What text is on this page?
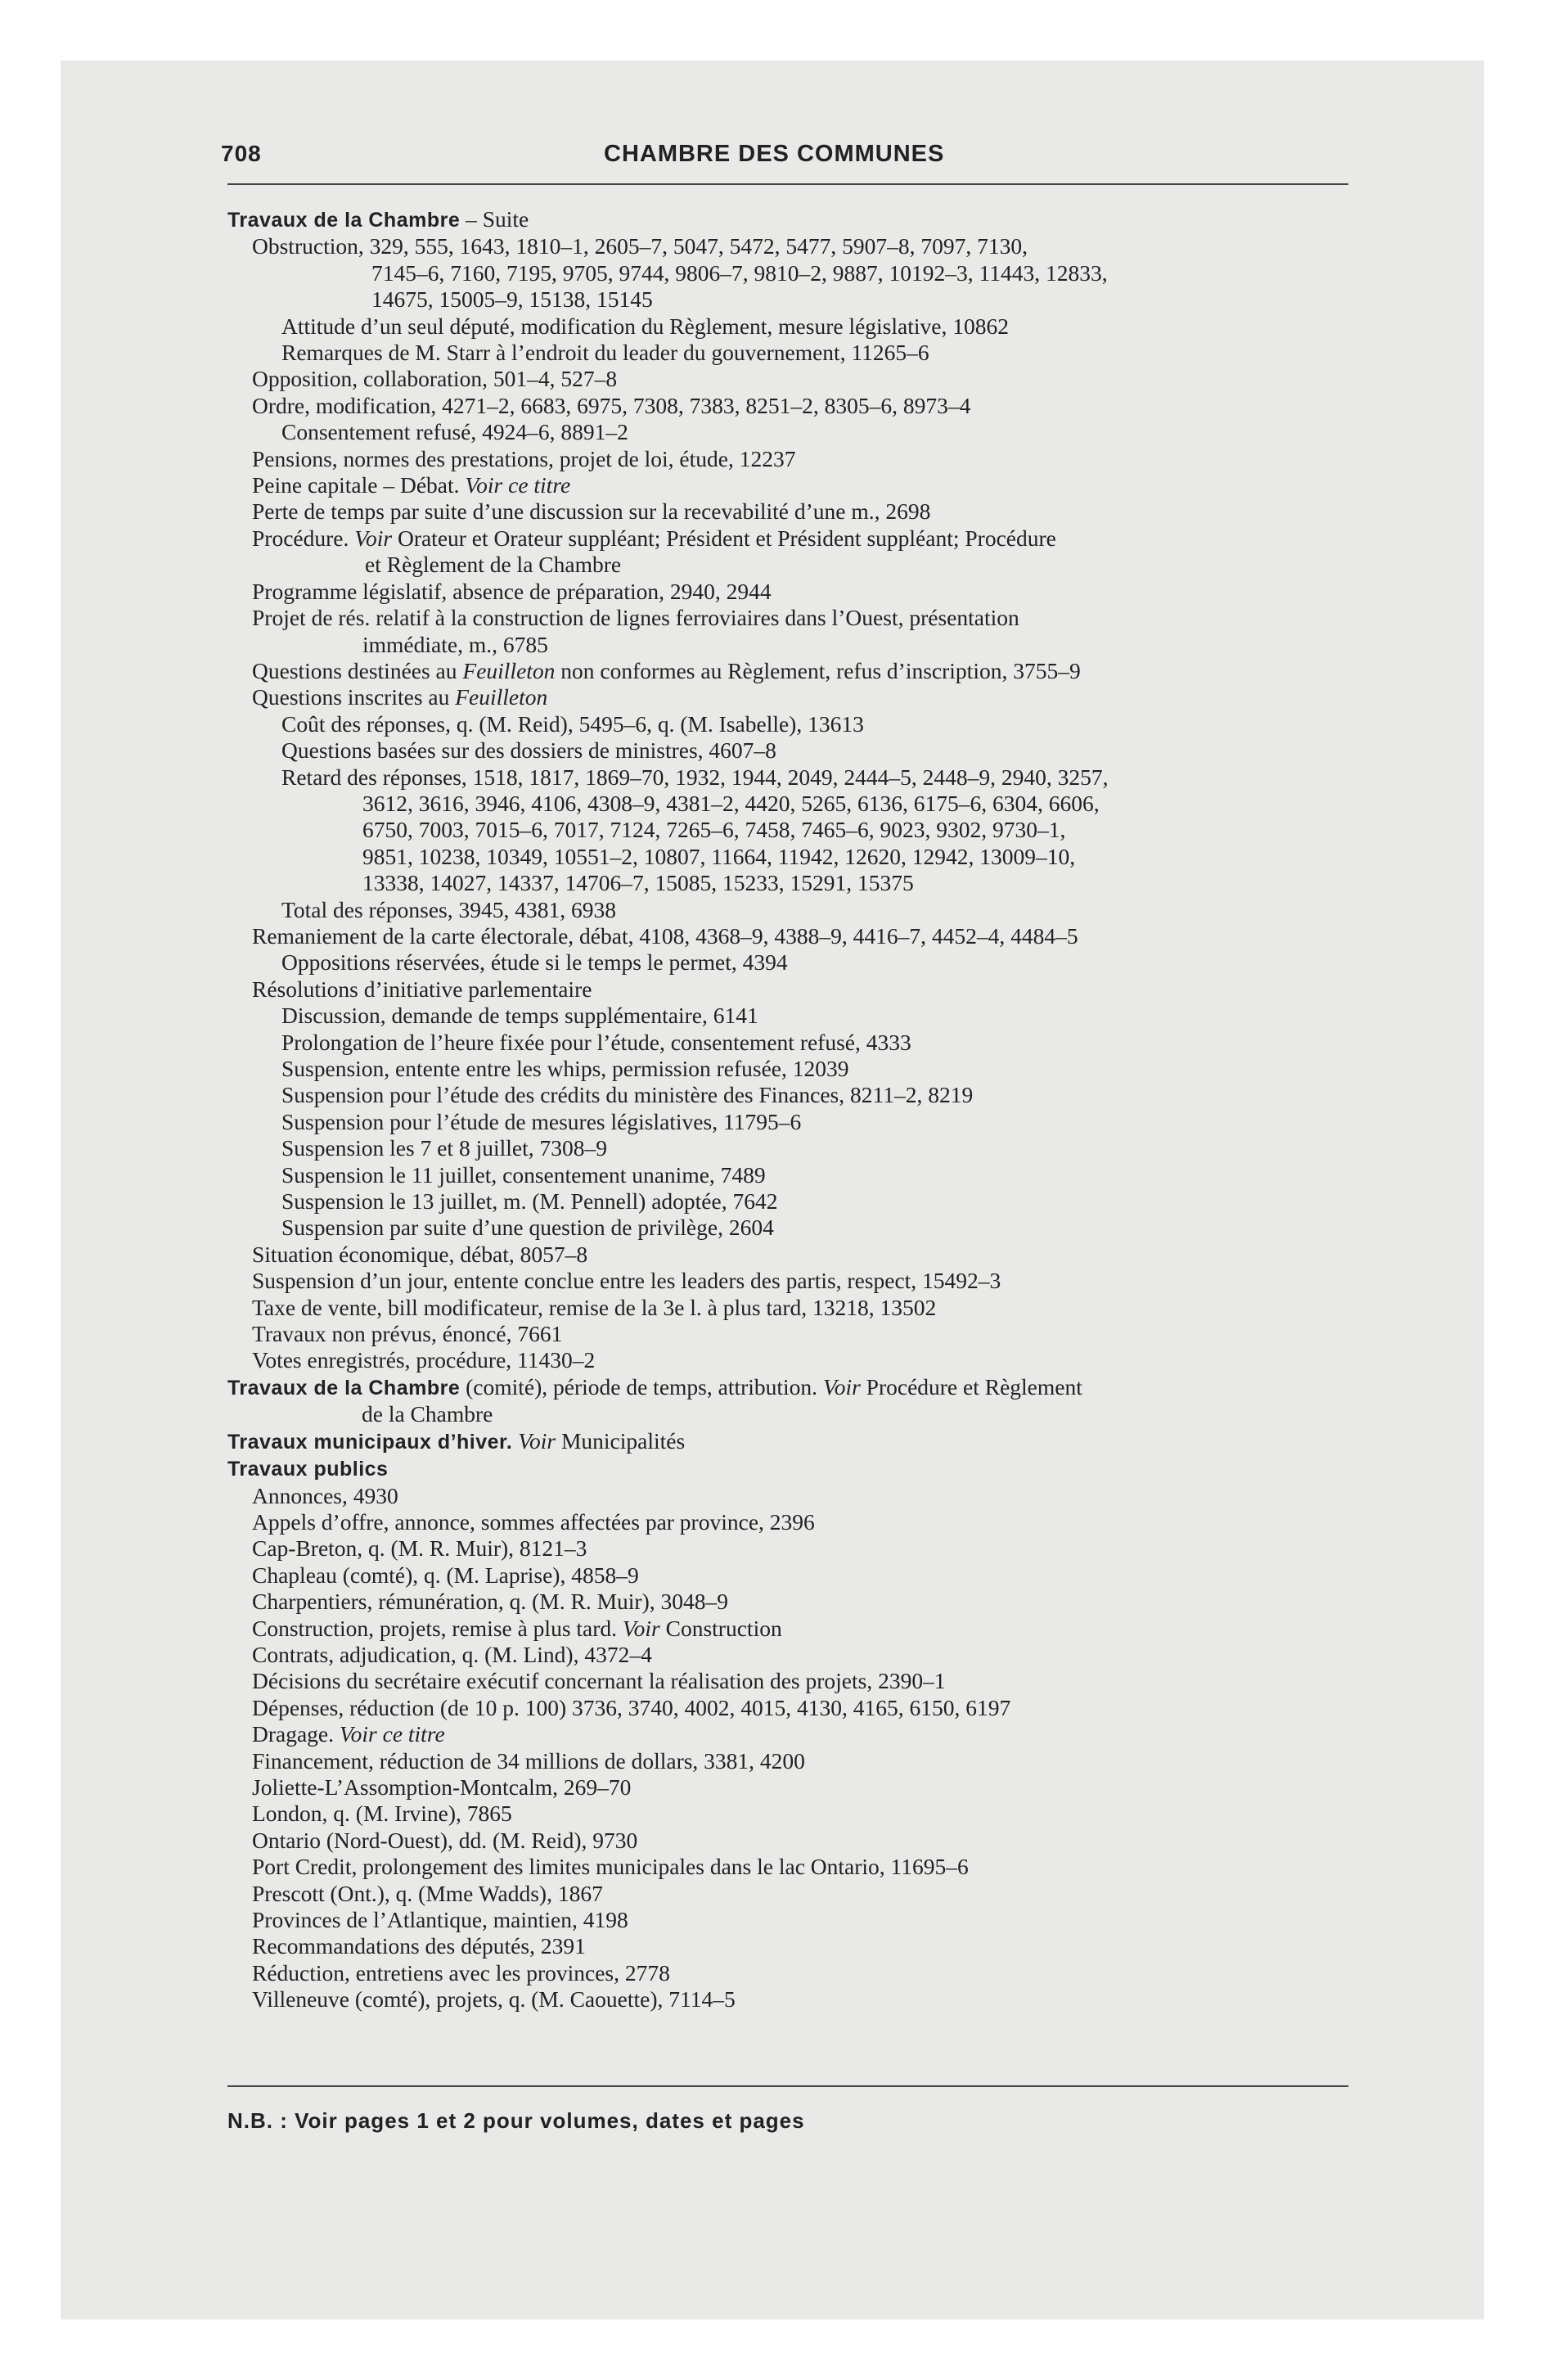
708	CHAMBRE DES COMMUNES
Travaux de la Chambre – Suite
Obstruction, 329, 555, 1643, 1810–1, 2605–7, 5047, 5472, 5477, 5907–8, 7097, 7130,
7145–6, 7160, 7195, 9705, 9744, 9806–7, 9810–2, 9887, 10192–3, 11443, 12833,
14675, 15005–9, 15138, 15145
Attitude d’un seul député, modification du Règlement, mesure législative, 10862
Remarques de M. Starr à l’endroit du leader du gouvernement, 11265–6
Opposition, collaboration, 501–4, 527–8
Ordre, modification, 4271–2, 6683, 6975, 7308, 7383, 8251–2, 8305–6, 8973–4
Consentement refusé, 4924–6, 8891–2
Pensions, normes des prestations, projet de loi, étude, 12237
Peine capitale – Débat. Voir ce titre
Perte de temps par suite d’une discussion sur la recevabilité d’une m., 2698
Procédure. Voir Orateur et Orateur suppléant; Président et Président suppléant; Procédure
et Règlement de la Chambre
Programme législatif, absence de préparation, 2940, 2944
Projet de rés. relatif à la construction de lignes ferroviaires dans l’Ouest, présentation
immédiate, m., 6785
Questions destinées au Feuilleton non conformes au Règlement, refus d’inscription, 3755–9
Questions inscrites au Feuilleton
Coût des réponses, q. (M. Reid), 5495–6, q. (M. Isabelle), 13613
Questions basées sur des dossiers de ministres, 4607–8
Retard des réponses, 1518, 1817, 1869–70, 1932, 1944, 2049, 2444–5, 2448–9, 2940, 3257,
3612, 3616, 3946, 4106, 4308–9, 4381–2, 4420, 5265, 6136, 6175–6, 6304, 6606,
6750, 7003, 7015–6, 7017, 7124, 7265–6, 7458, 7465–6, 9023, 9302, 9730–1,
9851, 10238, 10349, 10551–2, 10807, 11664, 11942, 12620, 12942, 13009–10,
13338, 14027, 14337, 14706–7, 15085, 15233, 15291, 15375
Total des réponses, 3945, 4381, 6938
Remaniement de la carte électorale, débat, 4108, 4368–9, 4388–9, 4416–7, 4452–4, 4484–5
Oppositions réservées, étude si le temps le permet, 4394
Résolutions d’initiative parlementaire
Discussion, demande de temps supplémentaire, 6141
Prolongation de l’heure fixée pour l’étude, consentement refusé, 4333
Suspension, entente entre les whips, permission refusée, 12039
Suspension pour l’étude des crédits du ministère des Finances, 8211–2, 8219
Suspension pour l’étude de mesures législatives, 11795–6
Suspension les 7 et 8 juillet, 7308–9
Suspension le 11 juillet, consentement unanime, 7489
Suspension le 13 juillet, m. (M. Pennell) adoptée, 7642
Suspension par suite d’une question de privilège, 2604
Situation économique, débat, 8057–8
Suspension d’un jour, entente conclue entre les leaders des partis, respect, 15492–3
Taxe de vente, bill modificateur, remise de la 3e l. à plus tard, 13218, 13502
Travaux non prévus, énoncé, 7661
Votes enregistrés, procédure, 11430–2
Travaux de la Chambre (comité), période de temps, attribution. Voir Procédure et Règlement
de la Chambre
Travaux municipaux d’hiver. Voir Municipalités
Travaux publics
Annonces, 4930
Appels d’offre, annonce, sommes affectées par province, 2396
Cap-Breton, q. (M. R. Muir), 8121–3
Chapleau (comté), q. (M. Laprise), 4858–9
Charpentiers, rémunération, q. (M. R. Muir), 3048–9
Construction, projets, remise à plus tard. Voir Construction
Contrats, adjudication, q. (M. Lind), 4372–4
Décisions du secrétaire exécutif concernant la réalisation des projets, 2390–1
Dépenses, réduction (de 10 p. 100) 3736, 3740, 4002, 4015, 4130, 4165, 6150, 6197
Dragage. Voir ce titre
Financement, réduction de 34 millions de dollars, 3381, 4200
Joliette-L’Assomption-Montcalm, 269–70
London, q. (M. Irvine), 7865
Ontario (Nord-Ouest), dd. (M. Reid), 9730
Port Credit, prolongement des limites municipales dans le lac Ontario, 11695–6
Prescott (Ont.), q. (Mme Wadds), 1867
Provinces de l’Atlantique, maintien, 4198
Recommandations des députés, 2391
Réduction, entretiens avec les provinces, 2778
Villeneuve (comté), projets, q. (M. Caouette), 7114–5
N.B. : Voir pages 1 et 2 pour volumes, dates et pages
